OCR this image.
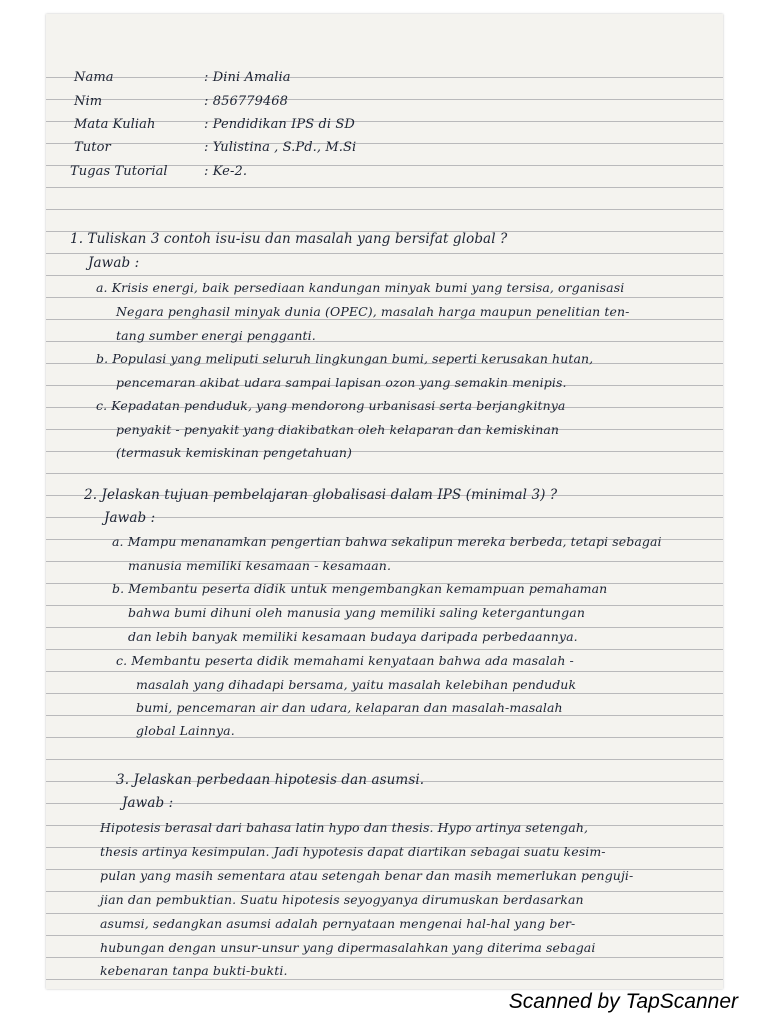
Nama	: Dini Amalia
Nim	: 856779468
Mata Kuliah	: Pendidikan IPS di SD
Tutor	: Yulistina , S.Pd., M.Si
Tugas Tutorial	: Ke-2.
1. Tuliskan 3 contoh isu-isu dan masalah yang bersifat global ?
Jawab :
a. Krisis energi, baik persediaan kandungan minyak bumi yang tersisa, organisasi
Negara penghasil minyak dunia (OPEC), masalah harga maupun penelitian ten-
tang sumber energi pengganti.
b. Populasi yang meliputi seluruh lingkungan bumi, seperti kerusakan hutan,
pencemaran akibat udara sampai lapisan ozon yang semakin menipis.
c. Kepadatan penduduk, yang mendorong urbanisasi serta berjangkitnya
penyakit - penyakit yang diakibatkan oleh kelaparan dan kemiskinan
(termasuk kemiskinan pengetahuan)
2. Jelaskan tujuan pembelajaran globalisasi dalam IPS (minimal 3) ?
Jawab :
a. Mampu menanamkan pengertian bahwa sekalipun mereka berbeda, tetapi sebagai
manusia memiliki kesamaan - kesamaan.
b. Membantu peserta didik untuk mengembangkan kemampuan pemahaman
bahwa bumi dihuni oleh manusia yang memiliki saling ketergantungan
dan lebih banyak memiliki kesamaan budaya daripada perbedaannya.
c. Membantu peserta didik memahami kenyataan bahwa ada masalah -
masalah yang dihadapi bersama, yaitu masalah kelebihan penduduk
bumi, pencemaran air dan udara, kelaparan dan masalah-masalah
global Lainnya.
3. Jelaskan perbedaan hipotesis dan asumsi.
Jawab :
Hipotesis berasal dari bahasa latin hypo dan thesis. Hypo artinya setengah,
thesis artinya kesimpulan. Jadi hypotesis dapat diartikan sebagai suatu kesim-
pulan yang masih sementara atau setengah benar dan masih memerlukan penguji-
jian dan pembuktian. Suatu hipotesis seyogyanya dirumuskan berdasarkan
asumsi, sedangkan asumsi adalah pernyataan mengenai hal-hal yang ber-
hubungan dengan unsur-unsur yang dipermasalahkan yang diterima sebagai
kebenaran tanpa bukti-bukti.
Scanned by TapScanner
